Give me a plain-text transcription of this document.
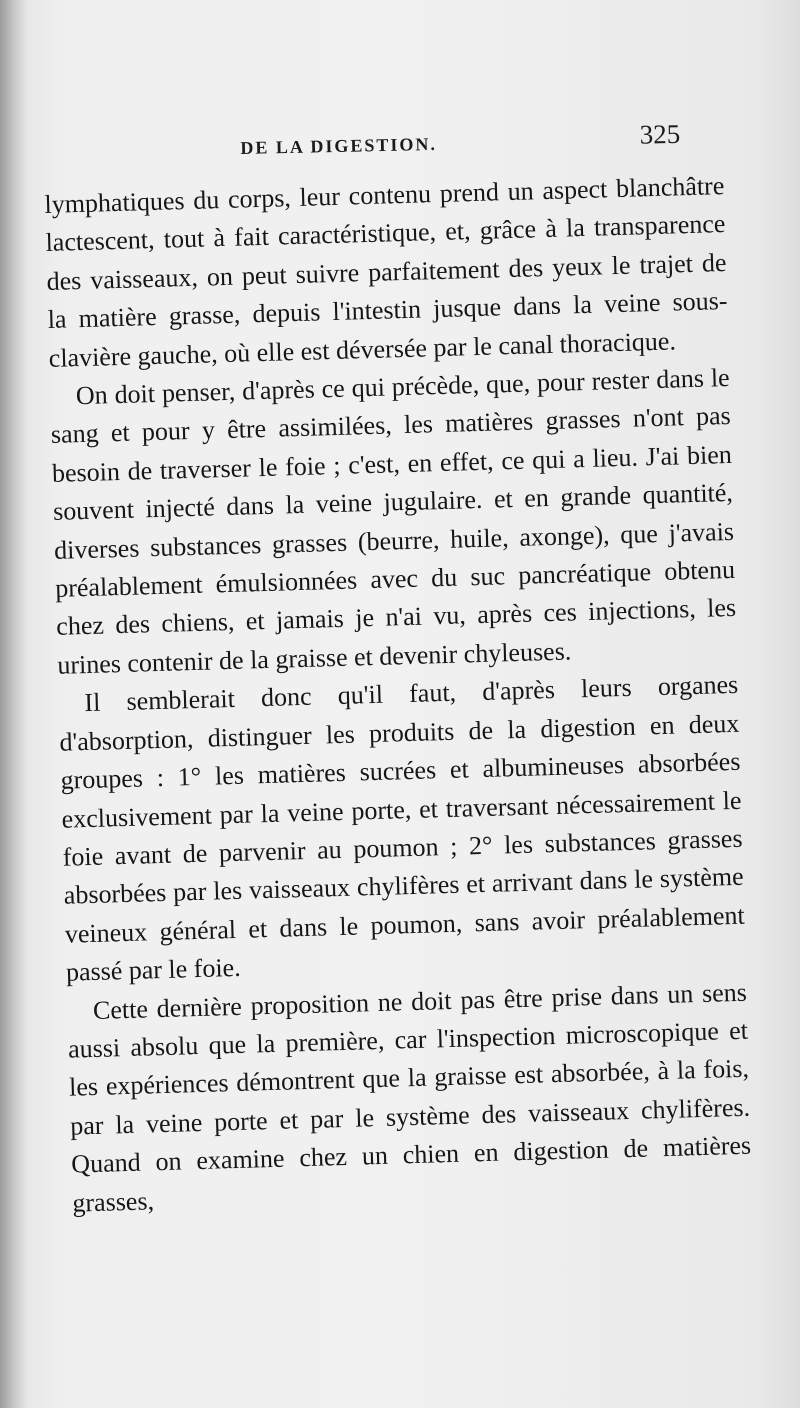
DE LA DIGESTION.	325

lymphatiques du corps, leur contenu prend un aspect blanchâtre lactescent, tout à fait caractéristique, et, grâce à la transparence des vaisseaux, on peut suivre parfaitement des yeux le trajet de la matière grasse, depuis l'intestin jusque dans la veine sous-clavière gauche, où elle est déversée par le canal thoracique.

On doit penser, d'après ce qui précède, que, pour rester dans le sang et pour y être assimilées, les matières grasses n'ont pas besoin de traverser le foie ; c'est, en effet, ce qui a lieu. J'ai bien souvent injecté dans la veine jugulaire. et en grande quantité, diverses substances grasses (beurre, huile, axonge), que j'avais préalablement émulsionnées avec du suc pancréatique obtenu chez des chiens, et jamais je n'ai vu, après ces injections, les urines contenir de la graisse et devenir chyleuses.

Il semblerait donc qu'il faut, d'après leurs organes d'absorption, distinguer les produits de la digestion en deux groupes : 1° les matières sucrées et albumineuses absorbées exclusivement par la veine porte, et traversant nécessairement le foie avant de parvenir au poumon ; 2° les substances grasses absorbées par les vaisseaux chylifères et arrivant dans le système veineux général et dans le poumon, sans avoir préalablement passé par le foie.

Cette dernière proposition ne doit pas être prise dans un sens aussi absolu que la première, car l'inspection microscopique et les expériences démontrent que la graisse est absorbée, à la fois, par la veine porte et par le système des vaisseaux chylifères. Quand on examine chez un chien en digestion de matières grasses,
